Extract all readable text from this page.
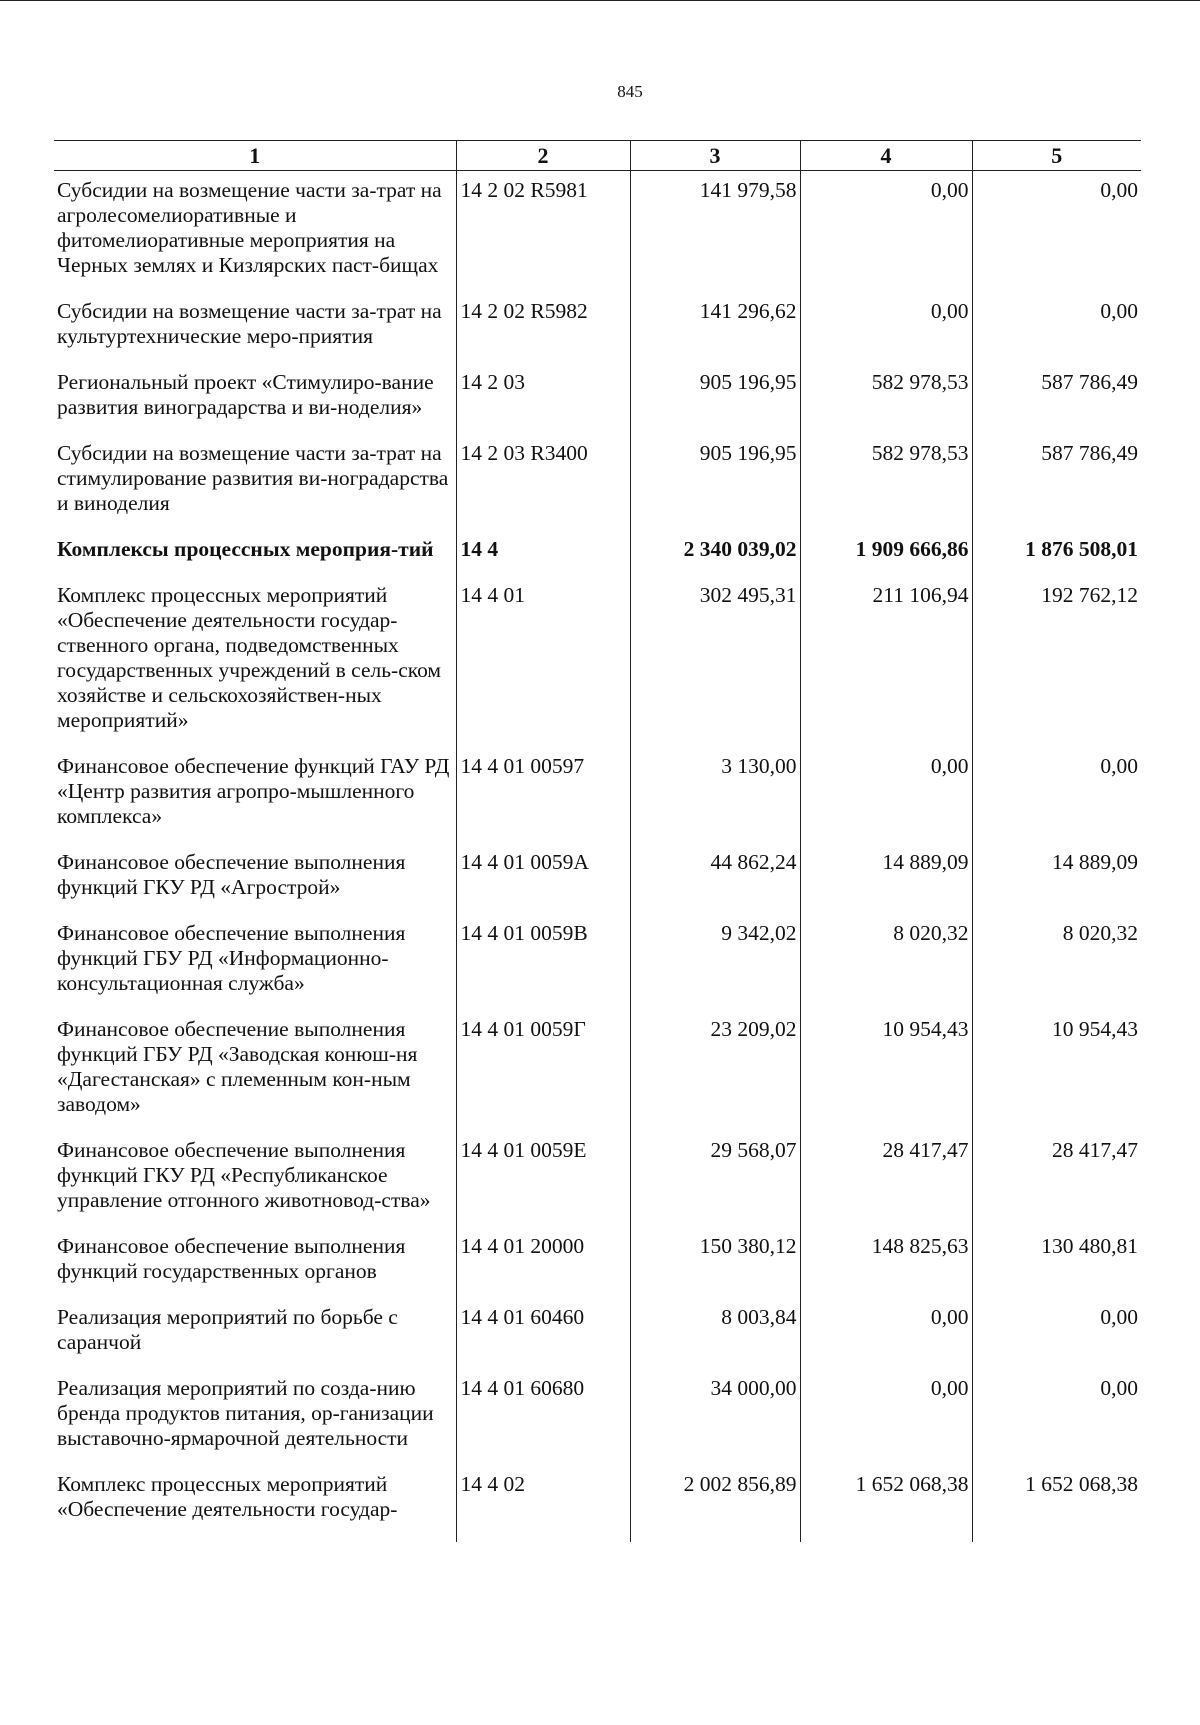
845
1	2	3	4	5
Субсидии на возмещение части за-трат на агролесомелиоративные и фитомелиоративные мероприятия на Черных землях и Кизлярских паст-бищах	14 2 02 R5981	141 979,58	0,00	0,00
Субсидии на возмещение части за-трат на культуртехнические меро-приятия	14 2 02 R5982	141 296,62	0,00	0,00
Региональный проект «Стимулиро-вание развития виноградарства и ви-ноделия»	14 2 03	905 196,95	582 978,53	587 786,49
Субсидии на возмещение части за-трат на стимулирование развития ви-ноградарства и виноделия	14 2 03 R3400	905 196,95	582 978,53	587 786,49
Комплексы процессных мероприя-тий	14 4	2 340 039,02	1 909 666,86	1 876 508,01
Комплекс процессных мероприятий «Обеспечение деятельности государ-ственного органа, подведомственных государственных учреждений в сель-ском хозяйстве и сельскохозяйствен-ных мероприятий»	14 4 01	302 495,31	211 106,94	192 762,12
Финансовое обеспечение функций ГАУ РД «Центр развития агропро-мышленного комплекса»	14 4 01 00597	3 130,00	0,00	0,00
Финансовое обеспечение выполнения функций ГКУ РД «Агрострой»	14 4 01 0059А	44 862,24	14 889,09	14 889,09
Финансовое обеспечение выполнения функций ГБУ РД «Информационно-консультационная служба»	14 4 01 0059В	9 342,02	8 020,32	8 020,32
Финансовое обеспечение выполнения функций ГБУ РД «Заводская конюш-ня «Дагестанская» с племенным кон-ным заводом»	14 4 01 0059Г	23 209,02	10 954,43	10 954,43
Финансовое обеспечение выполнения функций ГКУ РД «Республиканское управление отгонного животновод-ства»	14 4 01 0059Е	29 568,07	28 417,47	28 417,47
Финансовое обеспечение выполнения функций государственных органов	14 4 01 20000	150 380,12	148 825,63	130 480,81
Реализация мероприятий по борьбе с саранчой	14 4 01 60460	8 003,84	0,00	0,00
Реализация мероприятий по созда-нию бренда продуктов питания, ор-ганизации выставочно-ярмарочной деятельности	14 4 01 60680	34 000,00	0,00	0,00
Комплекс процессных мероприятий «Обеспечение деятельности государ-	14 4 02	2 002 856,89	1 652 068,38	1 652 068,38
